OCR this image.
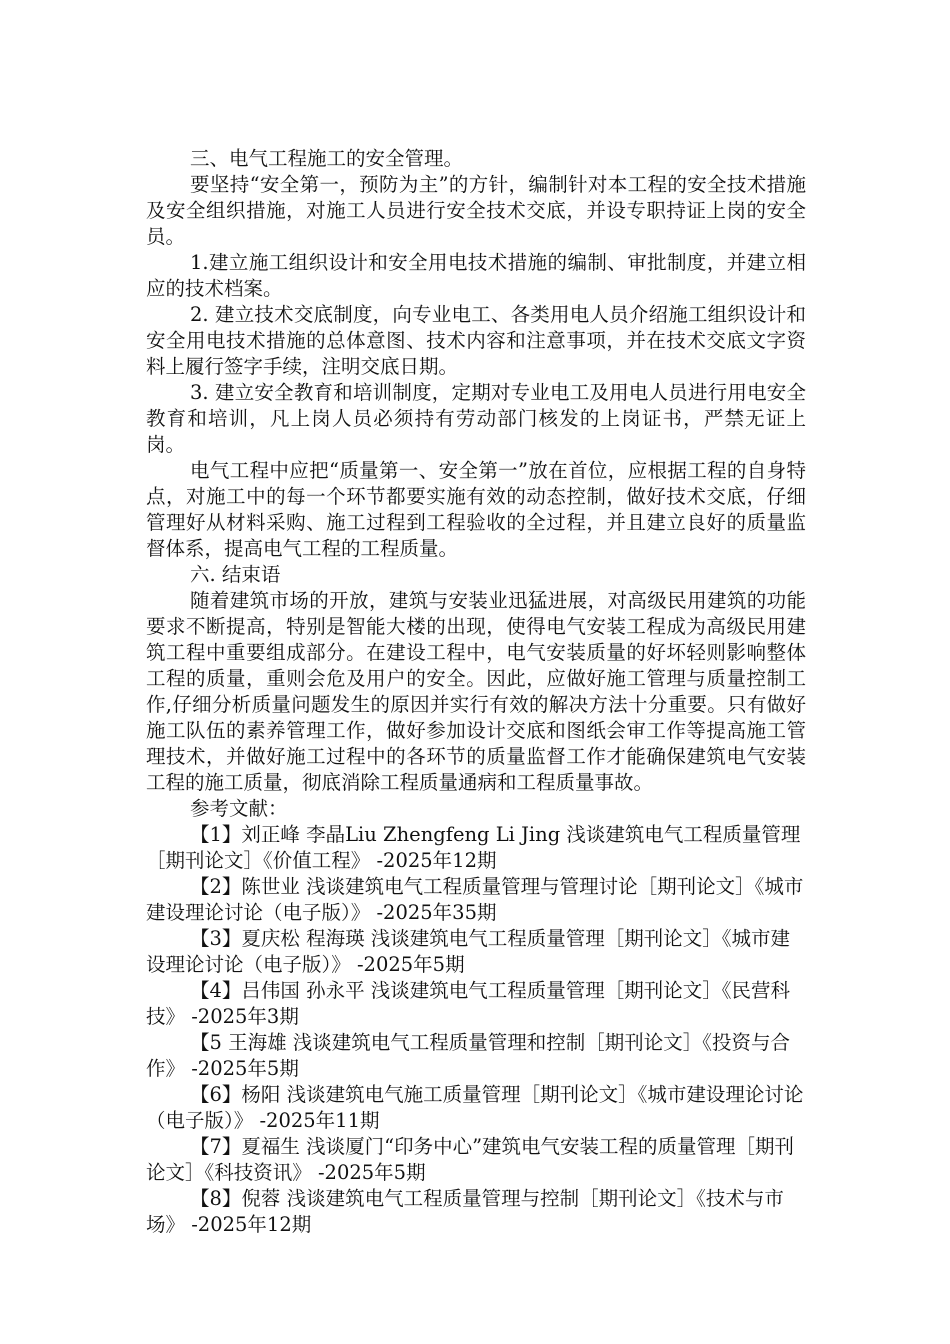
三、电气工程施工的安全管理。

要坚持“安全第一，预防为主”的方针，编制针对本工程的安全技术措施及安全组织措施，对施工人员进行安全技术交底，并设专职持证上岗的安全员。

1.建立施工组织设计和安全用电技术措施的编制、审批制度，并建立相应的技术档案。

2. 建立技术交底制度，向专业电工、各类用电人员介绍施工组织设计和安全用电技术措施的总体意图、技术内容和注意事项，并在技术交底文字资料上履行签字手续，注明交底日期。

3. 建立安全教育和培训制度，定期对专业电工及用电人员进行用电安全教育和培训，凡上岗人员必须持有劳动部门核发的上岗证书，严禁无证上岗。

电气工程中应把“质量第一、安全第一”放在首位，应根据工程的自身特点，对施工中的每一个环节都要实施有效的动态控制，做好技术交底，仔细管理好从材料采购、施工过程到工程验收的全过程，并且建立良好的质量监督体系，提高电气工程的工程质量。

六. 结束语

随着建筑市场的开放，建筑与安装业迅猛进展，对高级民用建筑的功能要求不断提高，特别是智能大楼的出现，使得电气安装工程成为高级民用建筑工程中重要组成部分。在建设工程中，电气安装质量的好坏轻则影响整体工程的质量，重则会危及用户的安全。因此，应做好施工管理与质量控制工作,仔细分析质量问题发生的原因并实行有效的解决方法十分重要。只有做好施工队伍的素养管理工作，做好参加设计交底和图纸会审工作等提高施工管理技术，并做好施工过程中的各环节的质量监督工作才能确保建筑电气安装工程的施工质量，彻底消除工程质量通病和工程质量事故。

参考文献：

【1】刘正峰 李晶Liu Zhengfeng Li Jing 浅谈建筑电气工程质量管理［期刊论文］《价值工程》 -2025年12期

【2】陈世业 浅谈建筑电气工程质量管理与管理讨论［期刊论文］《城市建设理论讨论（电子版）》 -2025年35期

【3】夏庆松 程海瑛 浅谈建筑电气工程质量管理［期刊论文］《城市建设理论讨论（电子版）》 -2025年5期

【4】吕伟国 孙永平 浅谈建筑电气工程质量管理［期刊论文］《民营科技》 -2025年3期

【5 王海雄 浅谈建筑电气工程质量管理和控制［期刊论文］《投资与合作》 -2025年5期

【6】杨阳 浅谈建筑电气施工质量管理［期刊论文］《城市建设理论讨论（电子版）》 -2025年11期

【7】夏福生 浅谈厦门“印务中心”建筑电气安装工程的质量管理［期刊论文］《科技资讯》 -2025年5期

【8】倪蓉 浅谈建筑电气工程质量管理与控制［期刊论文］《技术与市场》 -2025年12期
